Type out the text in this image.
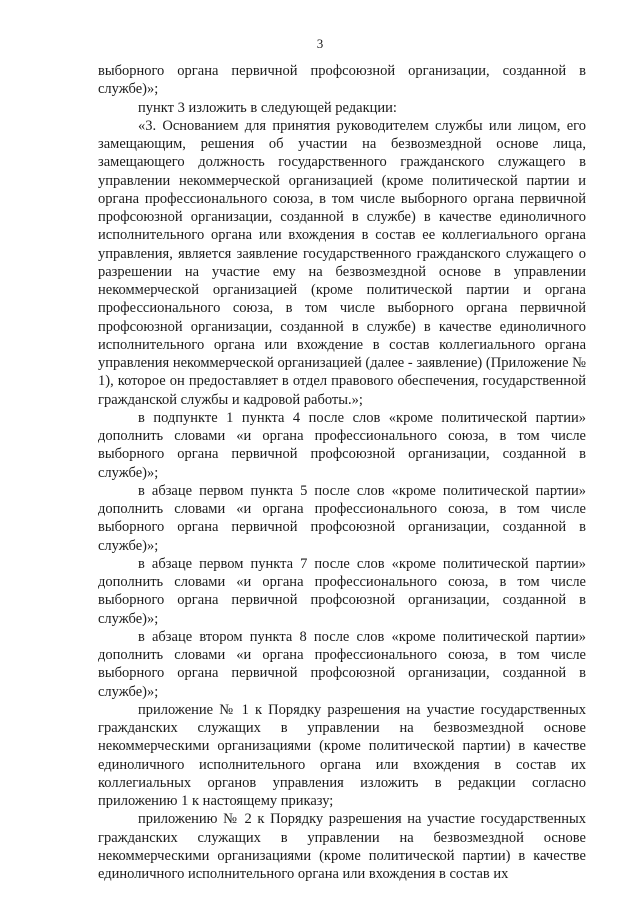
3

выборного органа первичной профсоюзной организации, созданной в службе)»;

пункт 3 изложить в следующей редакции:

«3. Основанием для принятия руководителем службы или лицом, его замещающим, решения об участии на безвозмездной основе лица, замещающего должность государственного гражданского служащего в управлении некоммерческой организацией (кроме политической партии и органа профессионального союза, в том числе выборного органа первичной профсоюзной организации, созданной в службе) в качестве единоличного исполнительного органа или вхождения в состав ее коллегиального органа управления, является заявление государственного гражданского служащего о разрешении на участие ему на безвозмездной основе в управлении некоммерческой организацией (кроме политической партии и органа профессионального союза, в том числе выборного органа первичной профсоюзной организации, созданной в службе) в качестве единоличного исполнительного органа или вхождение в состав коллегиального органа управления некоммерческой организацией (далее - заявление) (Приложение № 1), которое он предоставляет в отдел правового обеспечения, государственной гражданской службы и кадровой работы.»;

в подпункте 1 пункта 4 после слов «кроме политической партии» дополнить словами «и органа профессионального союза, в том числе выборного органа первичной профсоюзной организации, созданной в службе)»;

в абзаце первом пункта 5 после слов «кроме политической партии» дополнить словами «и органа профессионального союза, в том числе выборного органа первичной профсоюзной организации, созданной в службе)»;

в абзаце первом пункта 7 после слов «кроме политической партии» дополнить словами «и органа профессионального союза, в том числе выборного органа первичной профсоюзной организации, созданной в службе)»;

в абзаце втором пункта 8 после слов «кроме политической партии» дополнить словами «и органа профессионального союза, в том числе выборного органа первичной профсоюзной организации, созданной в службе)»;

приложение № 1 к Порядку разрешения на участие государственных гражданских служащих в управлении на безвозмездной основе некоммерческими организациями (кроме политической партии) в качестве единоличного исполнительного органа или вхождения в состав их коллегиальных органов управления изложить в редакции согласно приложению 1 к настоящему приказу;

приложению № 2 к Порядку разрешения на участие государственных гражданских служащих в управлении на безвозмездной основе некоммерческими организациями (кроме политической партии) в качестве единоличного исполнительного органа или вхождения в состав их
